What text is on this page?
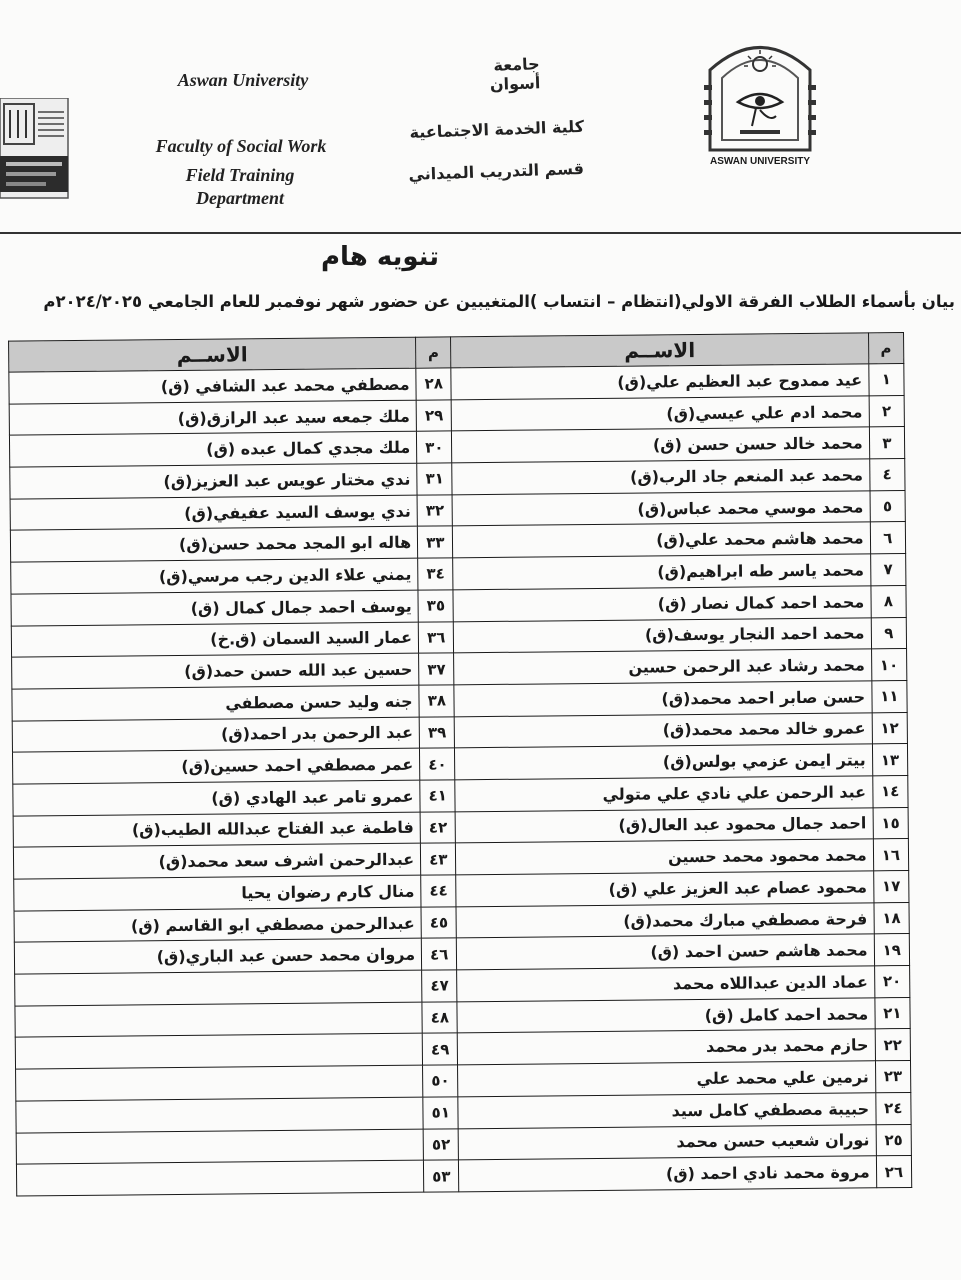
Aswan University
Faculty of Social Work
Field Training
Department
جامعة أسوان
كلية الخدمة الاجتماعية
قسم التدريب الميداني	ASWAN UNIVERSITY
تنويه هام
بيان بأسماء الطلاب الفرقة الاولي(انتظام – انتساب )المتغيبين عن حضور شهر نوفمبر للعام الجامعي ٢٠٢٤/٢٠٢٥م
م	الاســم	م	الاســم
١	عيد ممدوح عبد العظيم علي(ق)	٢٨	مصطفي محمد عبد الشافي (ق)
٢	محمد ادم علي عيسي(ق)	٢٩	ملك جمعه سيد عبد الرازق(ق)
٣	محمد خالد حسن حسن (ق)	٣٠	ملك مجدي كمال عبده (ق)
٤	محمد عبد المنعم جاد الرب(ق)	٣١	ندي مختار عويس عبد العزيز(ق)
٥	محمد موسي محمد عباس(ق)	٣٢	ندي يوسف السيد عفيفي(ق)
٦	محمد هاشم محمد علي(ق)	٣٣	هاله ابو المجد محمد حسن(ق)
٧	محمد ياسر طه ابراهيم(ق)	٣٤	يمني علاء الدين رجب مرسي(ق)
٨	محمد احمد كمال نصار (ق)	٣٥	يوسف احمد جمال كمال (ق)
٩	محمد احمد النجار يوسف(ق)	٣٦	عمار السيد السمان (ق.خ)
١٠	محمد رشاد عبد الرحمن حسين	٣٧	حسين عبد الله حسن حمد(ق)
١١	حسن صابر احمد محمد(ق)	٣٨	جنه وليد حسن مصطفي
١٢	عمرو خالد محمد محمد(ق)	٣٩	عبد الرحمن بدر احمد(ق)
١٣	بيتر ايمن عزمي بولس(ق)	٤٠	عمر مصطفي احمد حسين(ق)
١٤	عبد الرحمن علي نادي علي متولي	٤١	عمرو تامر عبد الهادي (ق)
١٥	احمد جمال محمود عبد العال(ق)	٤٢	فاطمة عبد الفتاح عبدالله الطيب(ق)
١٦	محمد محمود محمد حسين	٤٣	عبدالرحمن اشرف سعد محمد(ق)
١٧	محمود عصام عبد العزيز علي (ق)	٤٤	منال كارم رضوان يحيا
١٨	فرحة مصطفي مبارك محمد(ق)	٤٥	عبدالرحمن مصطفي ابو القاسم (ق)
١٩	محمد هاشم حسن احمد (ق)	٤٦	مروان محمد حسن عبد الباري(ق)
٢٠	عماد الدين عبداللاه محمد	٤٧	
٢١	محمد احمد كامل (ق)	٤٨	
٢٢	حازم محمد بدر محمد	٤٩	
٢٣	نرمين علي محمد علي	٥٠	
٢٤	حبيبة مصطفي كامل سيد	٥١	
٢٥	نوران شعيب حسن محمد	٥٢	
٢٦	مروة محمد نادي احمد (ق)	٥٣	
